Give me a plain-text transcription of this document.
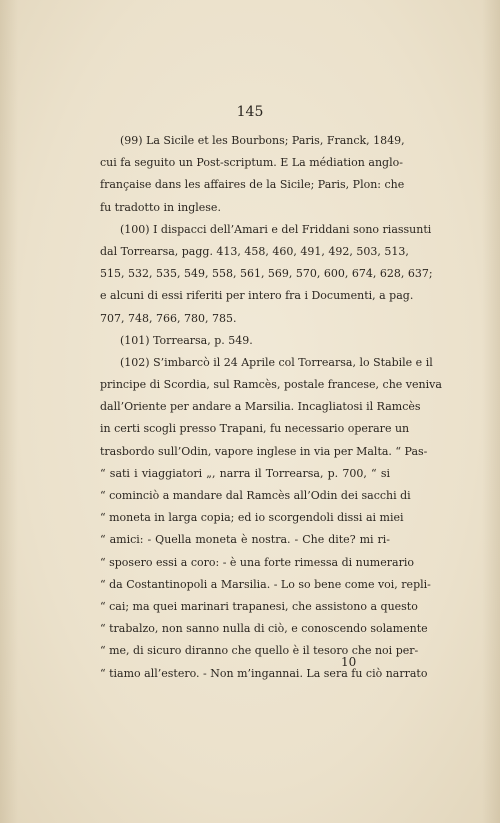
145
(99) La Sicile et les Bourbons; Paris, Franck, 1849,
cui fa seguito un Post-scriptum. E La médiation anglo-
française dans les affaires de la Sicile; Paris, Plon: che
fu tradotto in inglese.
(100) I dispacci dell’Amari e del Friddani sono riassunti
dal Torrearsa, pagg. 413, 458, 460, 491, 492, 503, 513,
515, 532, 535, 549, 558, 561, 569, 570, 600, 674, 628, 637;
e alcuni di essi riferiti per intero fra i Documenti, a pag.
707, 748, 766, 780, 785.
(101) Torrearsa, p. 549.
(102) S’imbarcò il 24 Aprile col Torrearsa, lo Stabile e il
principe di Scordia, sul Ramcès, postale francese, che veniva
dall’Oriente per andare a Marsilia. Incagliatosi il Ramcès
in certi scogli presso Trapani, fu necessario operare un
trasbordo sull’Odin, vapore inglese in via per Malta. “ Pas-
“ sati i viaggiatori „, narra il Torrearsa, p. 700, “ si
“ cominciò a mandare dal Ramcès all’Odin dei sacchi di
“ moneta in larga copia; ed io scorgendoli dissi ai miei
“ amici: - Quella moneta è nostra. - Che dite? mi ri-
“ sposero essi a coro: - è una forte rimessa di numerario
“ da Costantinopoli a Marsilia. - Lo so bene come voi, repli-
“ cai; ma quei marinari trapanesi, che assistono a questo
“ trabalzo, non sanno nulla di ciò, e conoscendo solamente
“ me, di sicuro diranno che quello è il tesoro che noi per-
“ tiamo all’estero. - Non m’ingannai. La sera fu ciò narrato
10
